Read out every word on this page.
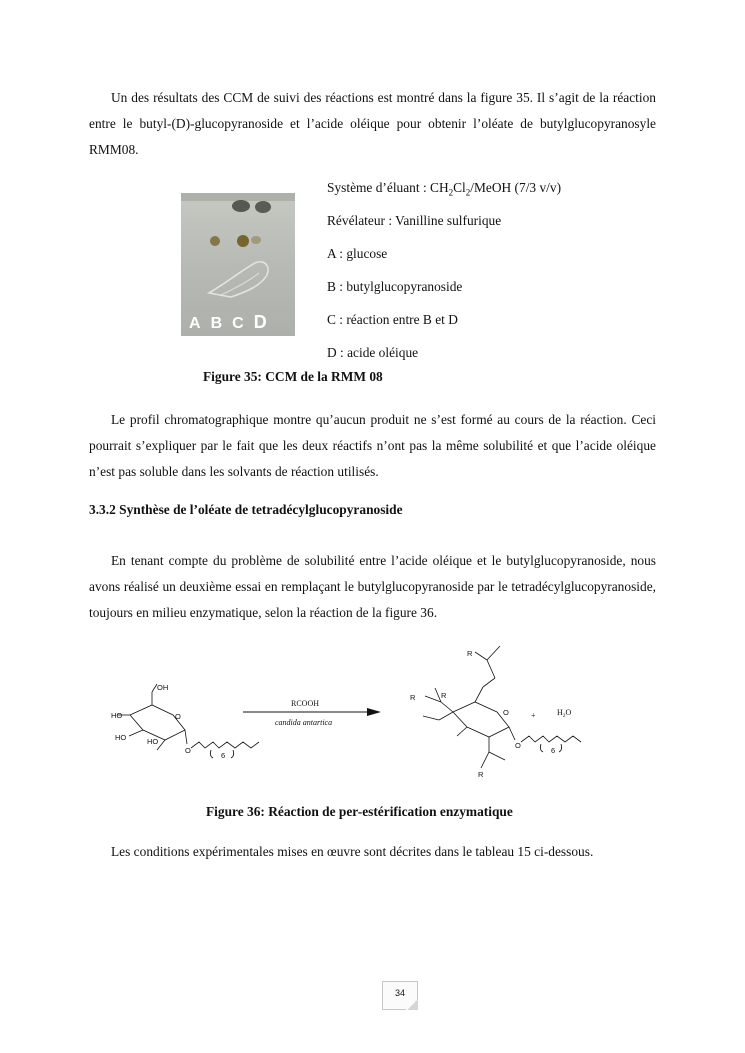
Un des résultats des CCM de suivi des réactions est montré dans la figure 35. Il s’agit de la réaction entre le butyl-(D)-glucopyranoside et l’acide oléique pour obtenir l’oléate de butylglucopyranosyle RMM08.

A B C D
Système d’éluant : $CH_2Cl_2$/MeOH (7/3 v/v)
Révélateur : Vanilline sulfurique
A : glucose
B : butylglucopyranoside
C : réaction entre B et D
D : acide oléique

Figure 35: CCM de la RMM 08

Le profil chromatographique montre qu’aucun produit ne s’est formé au cours de la réaction. Ceci pourrait s’expliquer par le fait que les deux réactifs n’ont pas la même solubilité et que l’acide oléique n’est pas soluble dans les solvants de réaction utilisés.

3.3.2 Synthèse de l’oléate de tetradécylglucopyranoside

En tenant compte du problème de solubilité entre l’acide oléique et le butylglucopyranoside, nous avons réalisé un deuxième essai en remplaçant le butylglucopyranoside par le tetradécylglucopyranoside, toujours en milieu enzymatique, selon la réaction de la figure 36.

OH
HO
HO	HO
O
O
6
RCOOH
candida antartica
R
R	R
R
O
O
6
+	$H_2O$

Figure 36: Réaction de per-estérification enzymatique

Les conditions expérimentales mises en œuvre sont décrites dans le tableau 15 ci-dessous.

34
